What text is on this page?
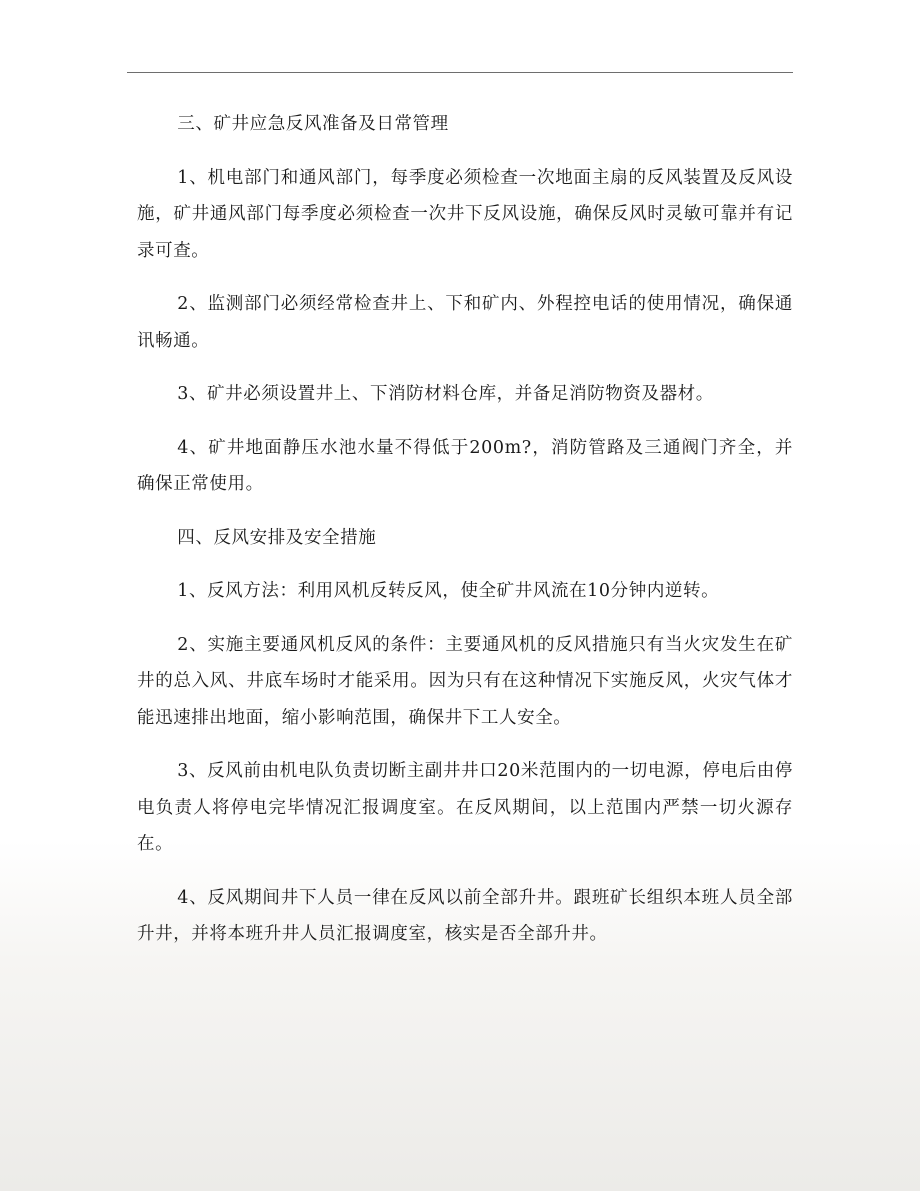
三、矿井应急反风准备及日常管理

1、机电部门和通风部门，每季度必须检查一次地面主扇的反风装置及反风设施，矿井通风部门每季度必须检查一次井下反风设施，确保反风时灵敏可靠并有记录可查。

2、监测部门必须经常检查井上、下和矿内、外程控电话的使用情况，确保通讯畅通。

3、矿井必须设置井上、下消防材料仓库，并备足消防物资及器材。

4、矿井地面静压水池水量不得低于200m?，消防管路及三通阀门齐全，并确保正常使用。

四、反风安排及安全措施

1、反风方法：利用风机反转反风，使全矿井风流在10分钟内逆转。

2、实施主要通风机反风的条件：主要通风机的反风措施只有当火灾发生在矿井的总入风、井底车场时才能采用。因为只有在这种情况下实施反风，火灾气体才能迅速排出地面，缩小影响范围，确保井下工人安全。

3、反风前由机电队负责切断主副井井口20米范围内的一切电源，停电后由停电负责人将停电完毕情况汇报调度室。在反风期间，以上范围内严禁一切火源存在。

4、反风期间井下人员一律在反风以前全部升井。跟班矿长组织本班人员全部升井，并将本班升井人员汇报调度室，核实是否全部升井。
